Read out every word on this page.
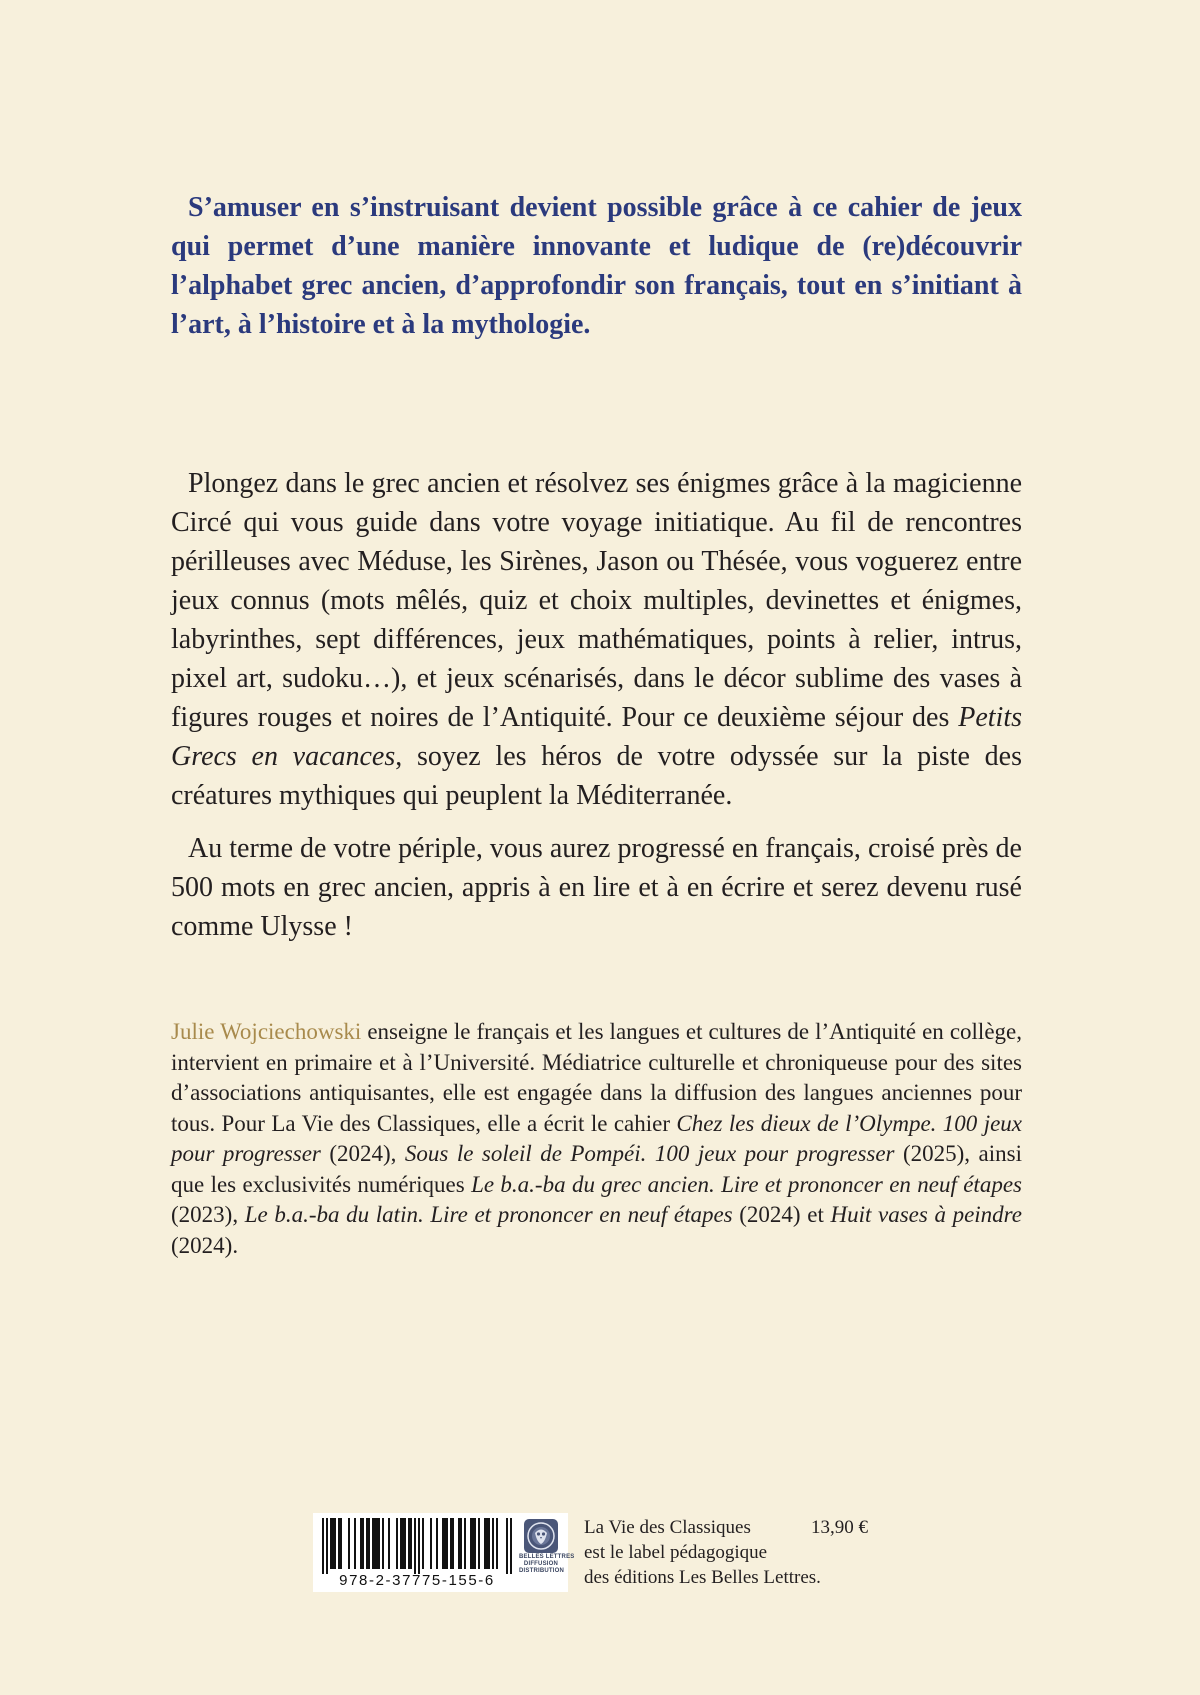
S’amuser en s’instruisant devient possible grâce à ce cahier de jeux qui permet d’une manière innovante et ludique de (re)découvrir l’alphabet grec ancien, d’approfondir son français, tout en s’initiant à l’art, à l’histoire et à la mythologie.

Plongez dans le grec ancien et résolvez ses énigmes grâce à la magicienne Circé qui vous guide dans votre voyage initiatique. Au fil de rencontres périlleuses avec Méduse, les Sirènes, Jason ou Thésée, vous voguerez entre jeux connus (mots mêlés, quiz et choix multiples, devinettes et énigmes, labyrinthes, sept différences, jeux mathématiques, points à relier, intrus, pixel art, sudoku…), et jeux scénarisés, dans le décor sublime des vases à figures rouges et noires de l’Antiquité. Pour ce deuxième séjour des Petits Grecs en vacances, soyez les héros de votre odyssée sur la piste des créatures mythiques qui peuplent la Méditerranée.

Au terme de votre périple, vous aurez progressé en français, croisé près de 500 mots en grec ancien, appris à en lire et à en écrire et serez devenu rusé comme Ulysse !

Julie Wojciechowski enseigne le français et les langues et cultures de l’Antiquité en collège, intervient en primaire et à l’Université. Médiatrice culturelle et chroniqueuse pour des sites d’associations antiquisantes, elle est engagée dans la diffusion des langues anciennes pour tous. Pour La Vie des Classiques, elle a écrit le cahier Chez les dieux de l’Olympe. 100 jeux pour progresser (2024), Sous le soleil de Pompéi. 100 jeux pour progresser (2025), ainsi que les exclusivités numériques Le b.a.-ba du grec ancien. Lire et prononcer en neuf étapes (2023), Le b.a.-ba du latin. Lire et prononcer en neuf étapes (2024) et Huit vases à peindre (2024).

978-2-37775-155-6
BELLES LETTRES
DIFFUSION
DISTRIBUTION
La Vie des Classiques
est le label pédagogique
des éditions Les Belles Lettres.
13,90 €
